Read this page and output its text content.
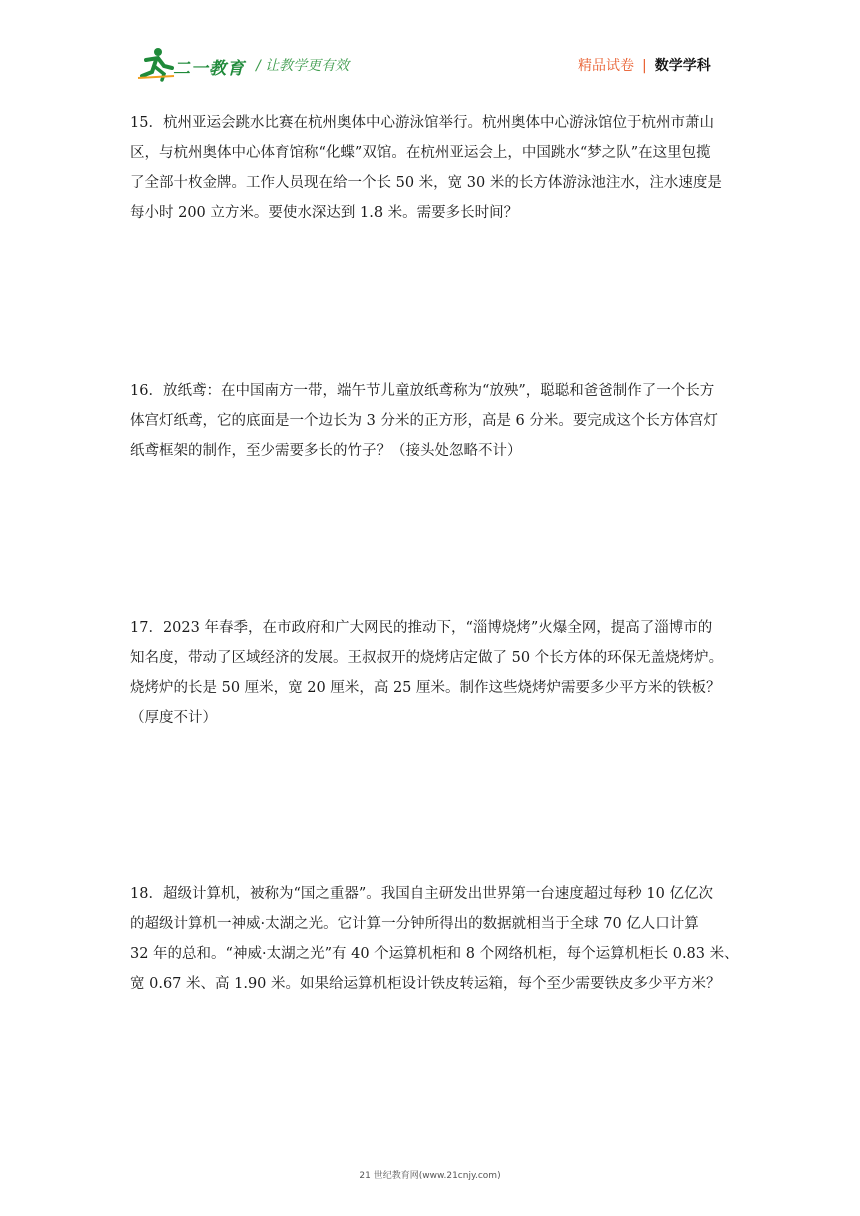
二一教育 / 让教学更有效	精品试卷 | 数学学科
15．杭州亚运会跳水比赛在杭州奥体中心游泳馆举行。杭州奥体中心游泳馆位于杭州市萧山
区，与杭州奥体中心体育馆称“化蝶”双馆。在杭州亚运会上，中国跳水“梦之队”在这里包揽
了全部十枚金牌。工作人员现在给一个长 50 米，宽 30 米的长方体游泳池注水，注水速度是
每小时 200 立方米。要使水深达到 1.8 米。需要多长时间？
16．放纸鸢：在中国南方一带，端午节儿童放纸鸢称为“放殃”，聪聪和爸爸制作了一个长方
体宫灯纸鸢，它的底面是一个边长为 3 分米的正方形，高是 6 分米。要完成这个长方体宫灯
纸鸢框架的制作，至少需要多长的竹子？（接头处忽略不计）
17．2023 年春季，在市政府和广大网民的推动下，“淄博烧烤”火爆全网，提高了淄博市的
知名度，带动了区域经济的发展。王叔叔开的烧烤店定做了 50 个长方体的环保无盖烧烤炉。
烧烤炉的长是 50 厘米，宽 20 厘米，高 25 厘米。制作这些烧烤炉需要多少平方米的铁板？
（厚度不计）
18．超级计算机，被称为“国之重器”。我国自主研发出世界第一台速度超过每秒 10 亿亿次
的超级计算机一神威·太湖之光。它计算一分钟所得出的数据就相当于全球 70 亿人口计算
32 年的总和。“神威·太湖之光”有 40 个运算机柜和 8 个网络机柜，每个运算机柜长 0.83 米、
宽 0.67 米、高 1.90 米。如果给运算机柜设计铁皮转运箱，每个至少需要铁皮多少平方米？
21 世纪教育网(www.21cnjy.com)
